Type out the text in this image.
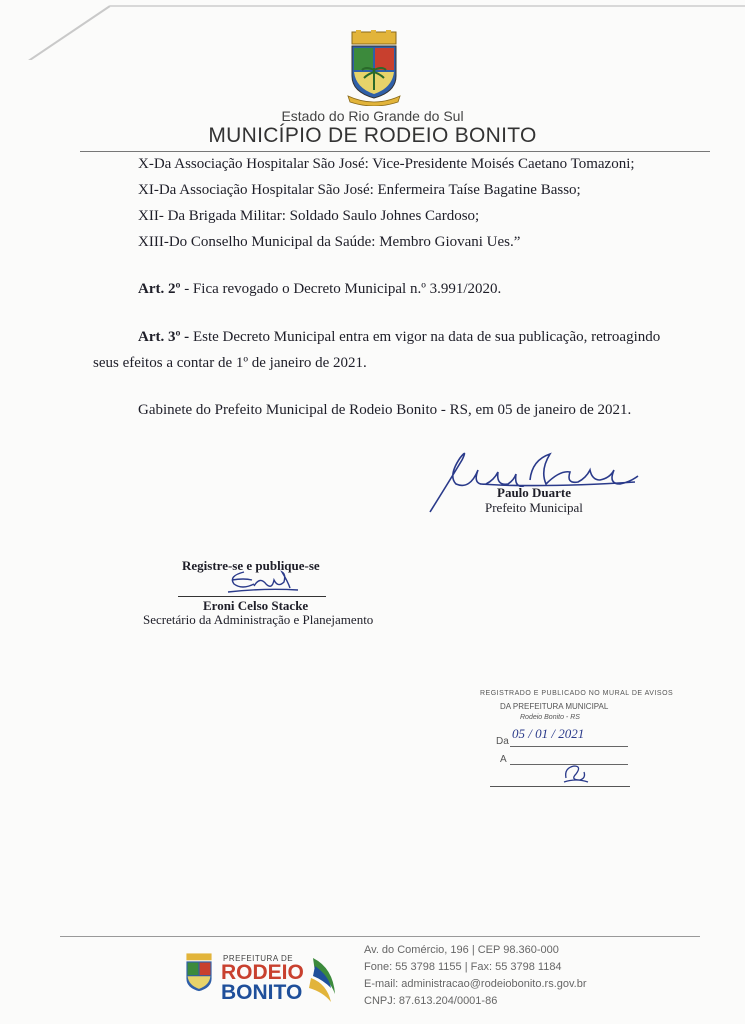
Estado do Rio Grande do Sul
MUNICÍPIO DE RODEIO BONITO
X-Da Associação Hospitalar São José: Vice-Presidente Moisés Caetano Tomazoni;
XI-Da Associação Hospitalar São José: Enfermeira Taíse Bagatine Basso;
XII- Da Brigada Militar: Soldado Saulo Johnes Cardoso;
XIII-Do Conselho Municipal da Saúde: Membro Giovani Ues.”
Art. 2º - Fica revogado o Decreto Municipal n.º 3.991/2020.
Art. 3º - Este Decreto Municipal entra em vigor na data de sua publicação, retroagindo
seus efeitos a contar de 1º de janeiro de 2021.
Gabinete do Prefeito Municipal de Rodeio Bonito - RS, em 05 de janeiro de 2021.
Paulo Duarte
Prefeito Municipal
Registre-se e publique-se
Eroni Celso Stacke
Secretário da Administração e Planejamento
REGISTRADO E PUBLICADO NO MURAL DE AVISOS
DA PREFEITURA MUNICIPAL
Rodeio Bonito - RS
Da
05 / 01 / 2021
A
PREFEITURA DE
RODEIO
BONITO
Av. do Comércio, 196 | CEP 98.360-000
Fone: 55 3798 1155 | Fax: 55 3798 1184
E-mail: administracao@rodeiobonito.rs.gov.br
CNPJ: 87.613.204/0001-86
